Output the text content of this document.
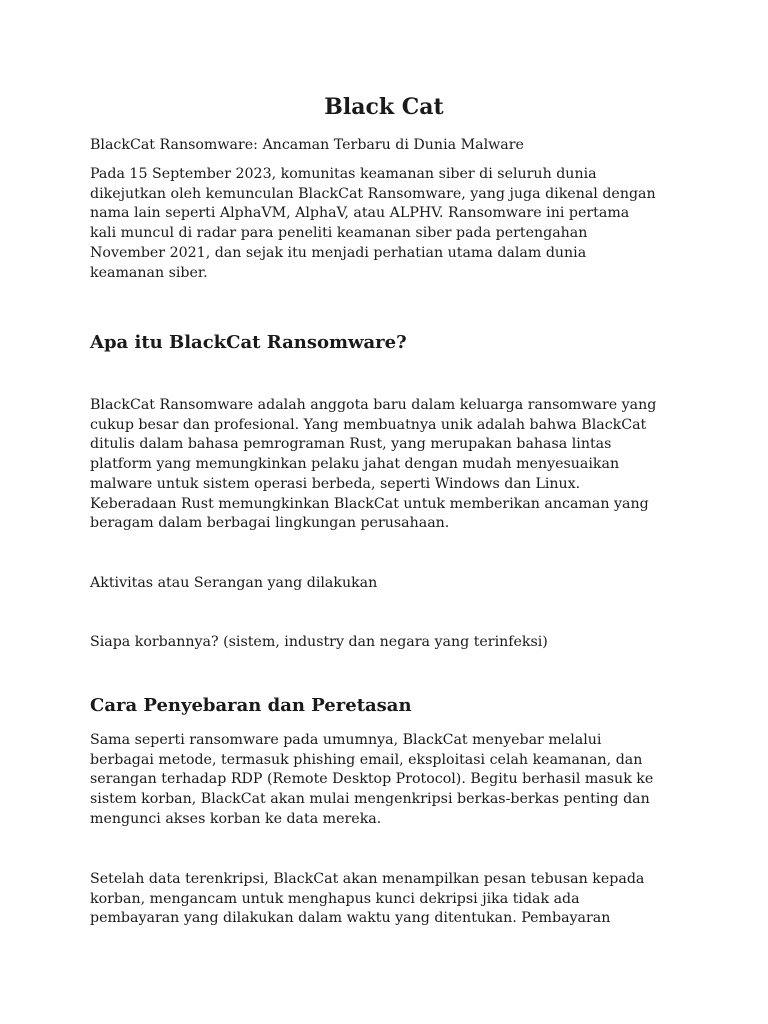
Black Cat

BlackCat Ransomware: Ancaman Terbaru di Dunia Malware

Pada 15 September 2023, komunitas keamanan siber di seluruh dunia
dikejutkan oleh kemunculan BlackCat Ransomware, yang juga dikenal dengan
nama lain seperti AlphaVM, AlphaV, atau ALPHV. Ransomware ini pertama
kali muncul di radar para peneliti keamanan siber pada pertengahan
November 2021, dan sejak itu menjadi perhatian utama dalam dunia
keamanan siber.

Apa itu BlackCat Ransomware?

BlackCat Ransomware adalah anggota baru dalam keluarga ransomware yang
cukup besar dan profesional. Yang membuatnya unik adalah bahwa BlackCat
ditulis dalam bahasa pemrograman Rust, yang merupakan bahasa lintas
platform yang memungkinkan pelaku jahat dengan mudah menyesuaikan
malware untuk sistem operasi berbeda, seperti Windows dan Linux.
Keberadaan Rust memungkinkan BlackCat untuk memberikan ancaman yang
beragam dalam berbagai lingkungan perusahaan.

Aktivitas atau Serangan yang dilakukan

Siapa korbannya? (sistem, industry dan negara yang terinfeksi)

Cara Penyebaran dan Peretasan

Sama seperti ransomware pada umumnya, BlackCat menyebar melalui
berbagai metode, termasuk phishing email, eksploitasi celah keamanan, dan
serangan terhadap RDP (Remote Desktop Protocol). Begitu berhasil masuk ke
sistem korban, BlackCat akan mulai mengenkripsi berkas-berkas penting dan
mengunci akses korban ke data mereka.

Setelah data terenkripsi, BlackCat akan menampilkan pesan tebusan kepada
korban, mengancam untuk menghapus kunci dekripsi jika tidak ada
pembayaran yang dilakukan dalam waktu yang ditentukan. Pembayaran
